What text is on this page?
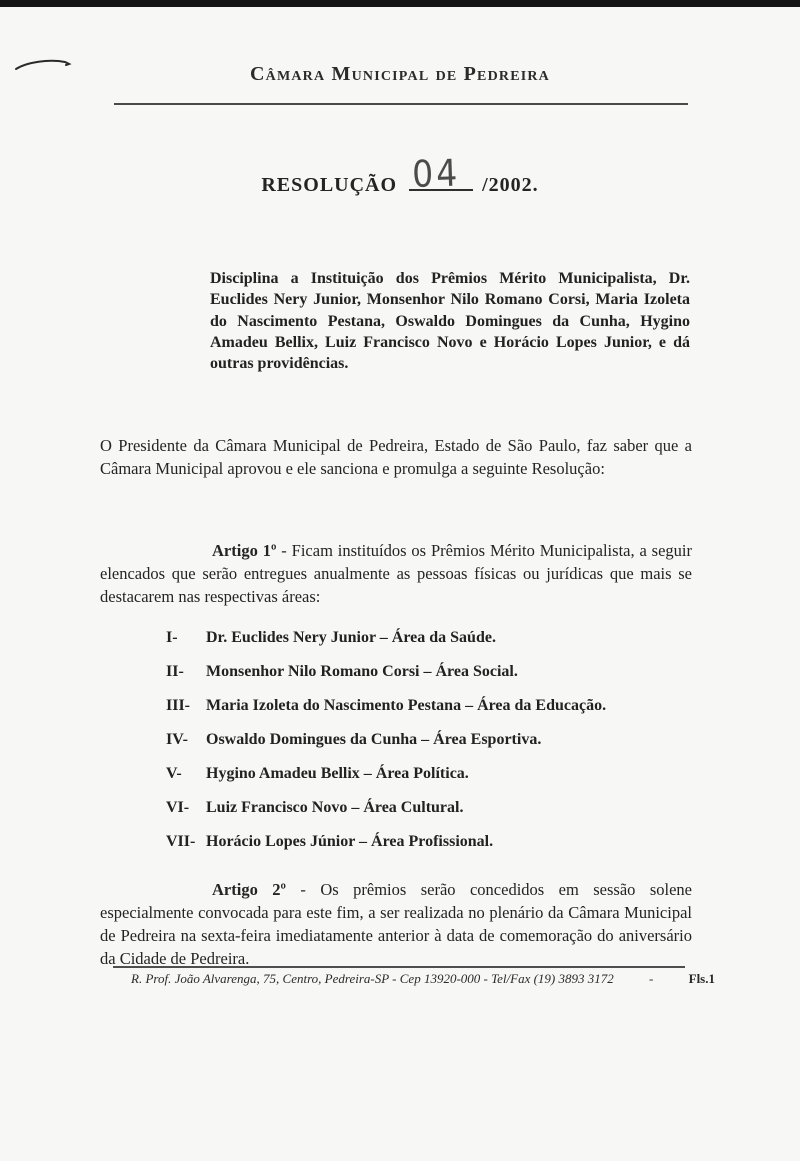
Câmara Municipal de Pedreira
RESOLUÇÃO 04 /2002.

Disciplina a Instituição dos Prêmios Mérito Municipalista, Dr. Euclides Nery Junior, Monsenhor Nilo Romano Corsi, Maria Izoleta do Nascimento Pestana, Oswaldo Domingues da Cunha, Hygino Amadeu Bellix, Luiz Francisco Novo e Horácio Lopes Junior, e dá outras providências.

O Presidente da Câmara Municipal de Pedreira, Estado de São Paulo, faz saber que a Câmara Municipal aprovou e ele sanciona e promulga a seguinte Resolução:

Artigo 1º - Ficam instituídos os Prêmios Mérito Municipalista, a seguir elencados que serão entregues anualmente as pessoas físicas ou jurídicas que mais se destacarem nas respectivas áreas:

I-	Dr. Euclides Nery Junior – Área da Saúde.
II-	Monsenhor Nilo Romano Corsi – Área Social.
III- Maria Izoleta do Nascimento Pestana – Área da Educação.
IV-	Oswaldo Domingues da Cunha – Área Esportiva.
V-	Hygino Amadeu Bellix – Área Política.
VI-	Luiz Francisco Novo – Área Cultural.
VII- Horácio Lopes Júnior – Área Profissional.

Artigo 2º - Os prêmios serão concedidos em sessão solene especialmente convocada para este fim, a ser realizada no plenário da Câmara Municipal de Pedreira na sexta-feira imediatamente anterior à data de comemoração do aniversário da Cidade de Pedreira.

R. Prof. João Alvarenga, 75, Centro, Pedreira-SP - Cep 13920-000 - Tel/Fax (19) 3893 3172	-	Fls.1
